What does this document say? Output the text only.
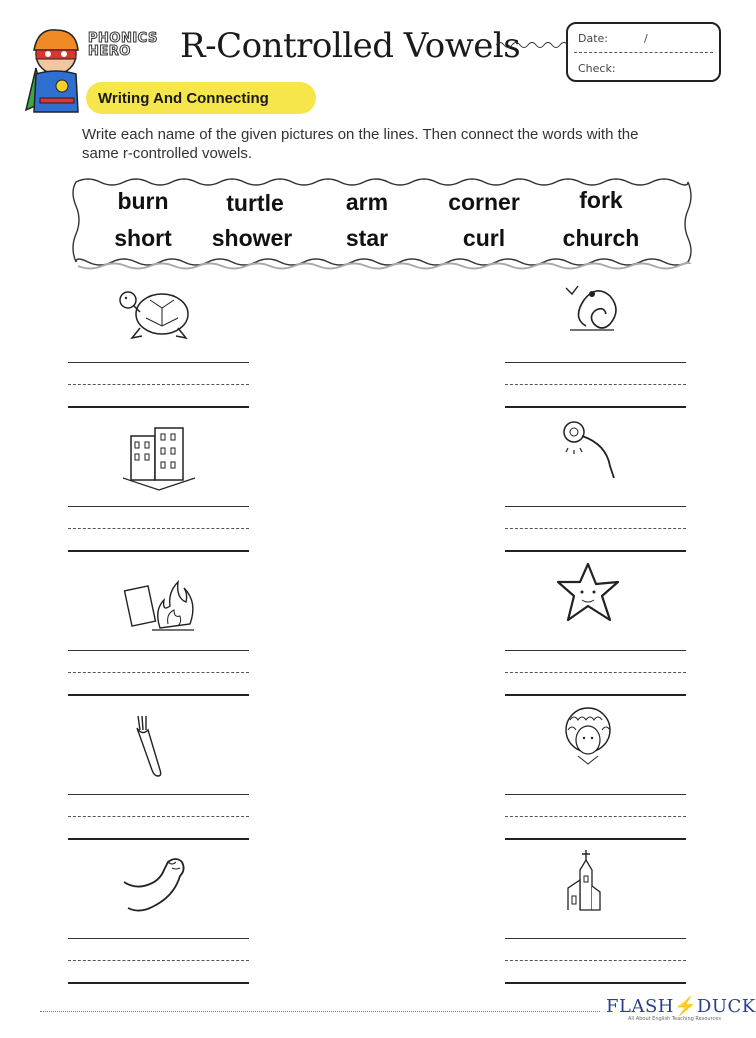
PHONICS
HERO	R-Controlled Vowels	Date:	/
Check:
Writing And Connecting

Write each name of the given pictures on the lines. Then connect the words with the same r-controlled vowels.

burn	turtle	arm	corner	fork
short	shower	star	curl	church
FLASH⚡DUCK
All About English Teaching Resources
